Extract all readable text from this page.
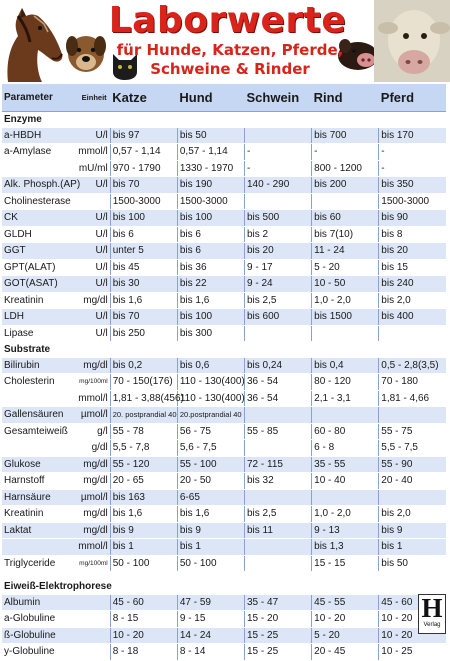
Laborwerte
für Hunde, Katzen, Pferde,
Schweine & Rinder
Parameter	Einheit	Katze	Hund	Schwein	Rind	Pferd
Enzyme						
a-HBDH	U/l	bis 97	bis 50		bis 700	bis 170
a-Amylase	mmol/l	0,57 - 1,14	0,57 - 1,14	-	-	-
	mU/ml	970 - 1790	1330 - 1970	-	800 - 1200	-
Alk. Phosph.(AP)	U/l	bis 70	bis 190	140 - 290	bis 200	bis 350
Cholinesterase		1500-3000	1500-3000			1500-3000
CK	U/l	bis 100	bis 100	bis 500	bis 60	bis 90
GLDH	U/l	bis 6	bis 6	bis 2	bis 7(10)	bis 8
GGT	U/l	unter 5	bis 6	bis 20	11 - 24	bis 20
GPT(ALAT)	U/l	bis 45	bis 36	9 - 17	5 - 20	bis 15
GOT(ASAT)	U/l	bis 30	bis 22	9 - 24	10 - 50	bis 240
Kreatinin	mg/dl	bis 1,6	bis 1,6	bis 2,5	1,0 - 2,0	bis 2,0
LDH	U/l	bis 70	bis 100	bis 600	bis 1500	bis 400
Lipase	U/l	bis 250	bis 300			
Substrate						
Bilirubin	mg/dl	bis 0,2	bis 0,6	bis 0,24	bis 0,4	0,5 - 2,8(3,5)
Cholesterin	mg/100ml	70 - 150(176)	110 - 130(400)	36 - 54	80 - 120	70 - 180
	mmol/l	1,81 - 3,88(456)	110 - 130(400)	36 - 54	2,1 - 3,1	1,81 - 4,66
Gallensäuren	µmol/l	20. postprandial 40	20.postprandial 40			
Gesamteiweiß	g/l	55 - 78	56 - 75	55 - 85	60 - 80	55 - 75
	g/dl	5,5 - 7,8	5,6 - 7,5		6 - 8	5,5 - 7,5
Glukose	mg/dl	55 - 120	55 - 100	72 - 115	35 - 55	55 - 90
Harnstoff	mg/dl	20 - 65	20 - 50	bis 32	10 - 40	20 - 40
Harnsäure	µmol/l	bis 163	6-65			
Kreatinin	mg/dl	bis 1,6	bis 1,6	bis 2,5	1,0 - 2,0	bis 2,0
Laktat	mg/dl	bis 9	bis 9	bis 11	9 - 13	bis 9
	mmol/l	bis 1	bis 1		bis 1,3	bis 1
Triglyceride	mg/100ml	50 - 100	50 - 100		15 - 15	bis 50

Eiweiß-Elektrophorese						
Albumin		45 - 60	47 - 59	35 - 47	45 - 55	45 - 60
a-Globuline		8 - 15	9 - 15	15 - 20	10 - 20	10 - 20
ß-Globuline		10 - 20	14 - 24	15 - 25	5 - 20	10 - 20
y-Globuline		8 - 18	8 - 14	15 - 25	20 - 45	10 - 25
H
Verlag
